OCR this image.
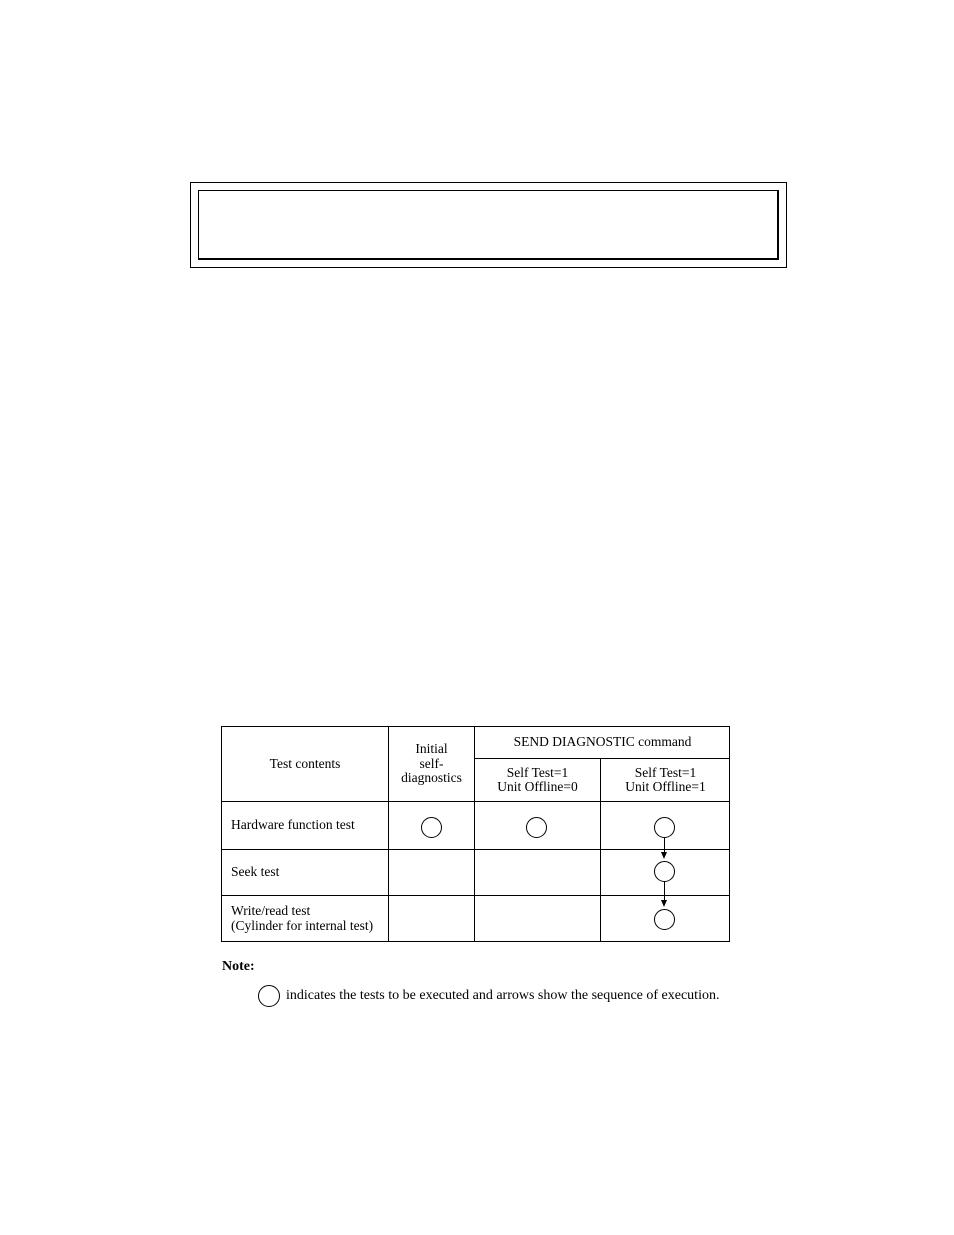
Test contents
Initial
self-
diagnostics
SEND DIAGNOSTIC command
Self Test=1
Unit Offline=0
Self Test=1
Unit Offline=1
Hardware function test
Seek test
Write/read test
(Cylinder for internal test)
Note:
indicates the tests to be executed and arrows show the sequence of execution.
